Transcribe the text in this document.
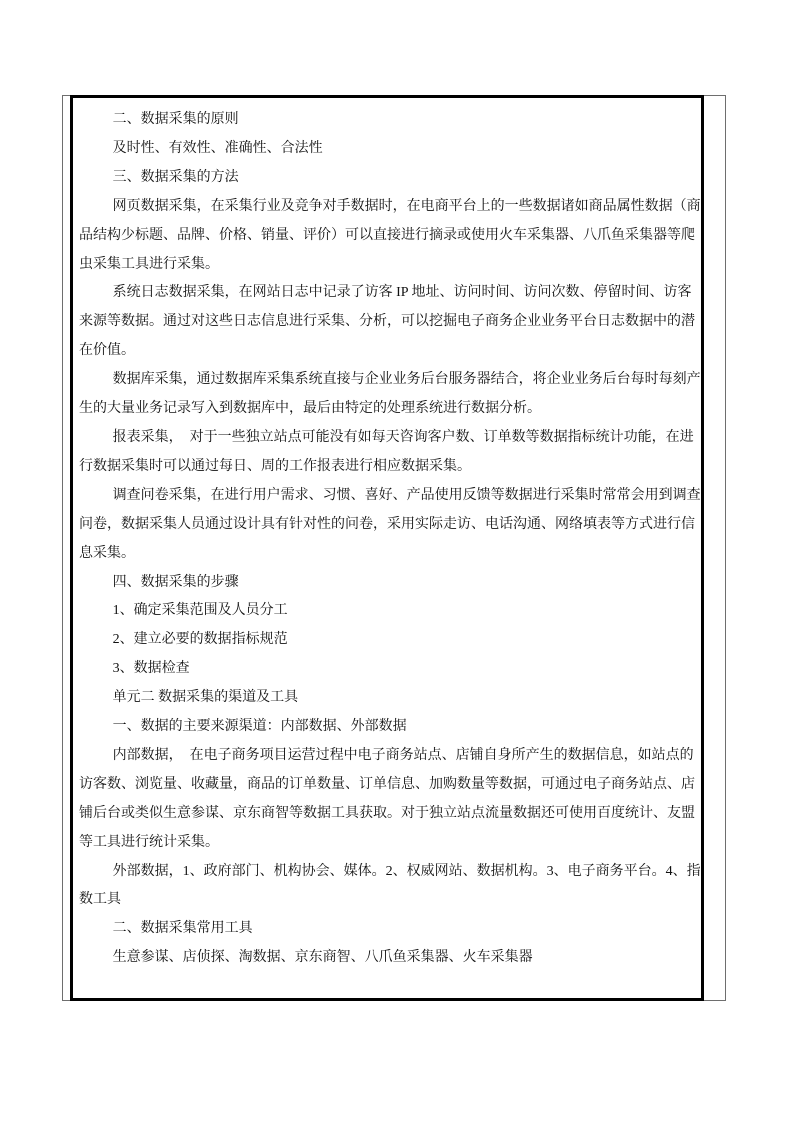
二、数据采集的原则
及时性、有效性、准确性、合法性
三、数据采集的方法
网页数据采集，在采集行业及竞争对手数据时，在电商平台上的一些数据诸如商品属性数据（商
品结构少标题、品牌、价格、销量、评价）可以直接进行摘录或使用火车采集器、八爪鱼采集器等爬
虫采集工具进行采集。
系统日志数据采集，在网站日志中记录了访客 IP 地址、访问时间、访问次数、停留时间、访客
来源等数据。通过对这些日志信息进行采集、分析，可以挖掘电子商务企业业务平台日志数据中的潜
在价值。
数据库采集，通过数据库采集系统直接与企业业务后台服务器结合，将企业业务后台每时每刻产
生的大量业务记录写入到数据库中，最后由特定的处理系统进行数据分析。
报表采集，　对于一些独立站点可能没有如每天咨询客户数、订单数等数据指标统计功能，在进
行数据采集时可以通过每日、周的工作报表进行相应数据采集。
调查问卷采集，在进行用户需求、习惯、喜好、产品使用反馈等数据进行采集时常常会用到调查
问卷，数据采集人员通过设计具有针对性的问卷，采用实际走访、电话沟通、网络填表等方式进行信
息采集。
四、数据采集的步骤
1、确定采集范围及人员分工
2、建立必要的数据指标规范
3、数据检查
单元二 数据采集的渠道及工具
一、数据的主要来源渠道：内部数据、外部数据
内部数据，　在电子商务项目运营过程中电子商务站点、店铺自身所产生的数据信息，如站点的
访客数、浏览量、收藏量，商品的订单数量、订单信息、加购数量等数据，可通过电子商务站点、店
铺后台或类似生意参谋、京东商智等数据工具获取。对于独立站点流量数据还可使用百度统计、友盟
等工具进行统计采集。
外部数据，1、政府部门、机构协会、媒体。2、权威网站、数据机构。3、电子商务平台。4、指
数工具
二、数据采集常用工具
生意参谋、店侦探、淘数据、京东商智、八爪鱼采集器、火车采集器
